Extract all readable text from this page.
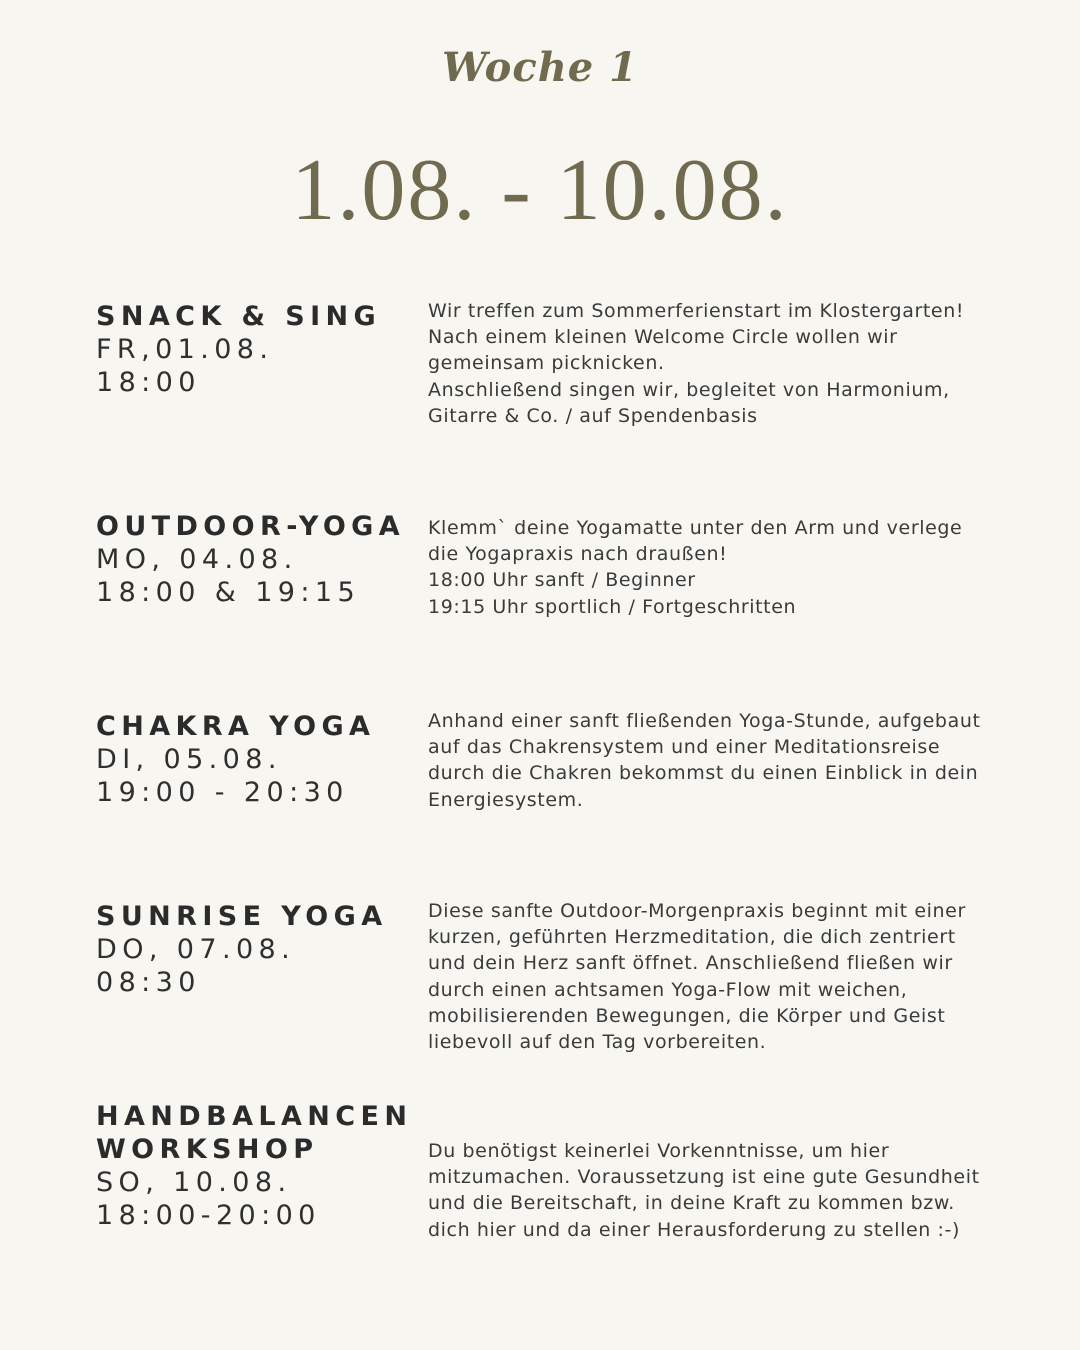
Woche 1
1.08. - 10.08.
SNACK & SING
FR,01.08.
18:00
Wir treffen zum Sommerferienstart im Klostergarten!
Nach einem kleinen Welcome Circle wollen wir
gemeinsam picknicken.
Anschließend singen wir, begleitet von Harmonium,
Gitarre & Co. / auf Spendenbasis
OUTDOOR-YOGA
MO, 04.08.
18:00 & 19:15
Klemm` deine Yogamatte unter den Arm und verlege
die Yogapraxis nach draußen!
18:00 Uhr sanft / Beginner
19:15 Uhr sportlich / Fortgeschritten
CHAKRA YOGA
DI, 05.08.
19:00 - 20:30
Anhand einer sanft fließenden Yoga-Stunde, aufgebaut
auf das Chakrensystem und einer Meditationsreise
durch die Chakren bekommst du einen Einblick in dein
Energiesystem.
SUNRISE YOGA
DO, 07.08.
08:30
Diese sanfte Outdoor-Morgenpraxis beginnt mit einer
kurzen, geführten Herzmeditation, die dich zentriert
und dein Herz sanft öffnet. Anschließend fließen wir
durch einen achtsamen Yoga-Flow mit weichen,
mobilisierenden Bewegungen, die Körper und Geist
liebevoll auf den Tag vorbereiten.
HANDBALANCEN
WORKSHOP
SO, 10.08.
18:00-20:00
Du benötigst keinerlei Vorkenntnisse, um hier
mitzumachen. Voraussetzung ist eine gute Gesundheit
und die Bereitschaft, in deine Kraft zu kommen bzw.
dich hier und da einer Herausforderung zu stellen :-)
